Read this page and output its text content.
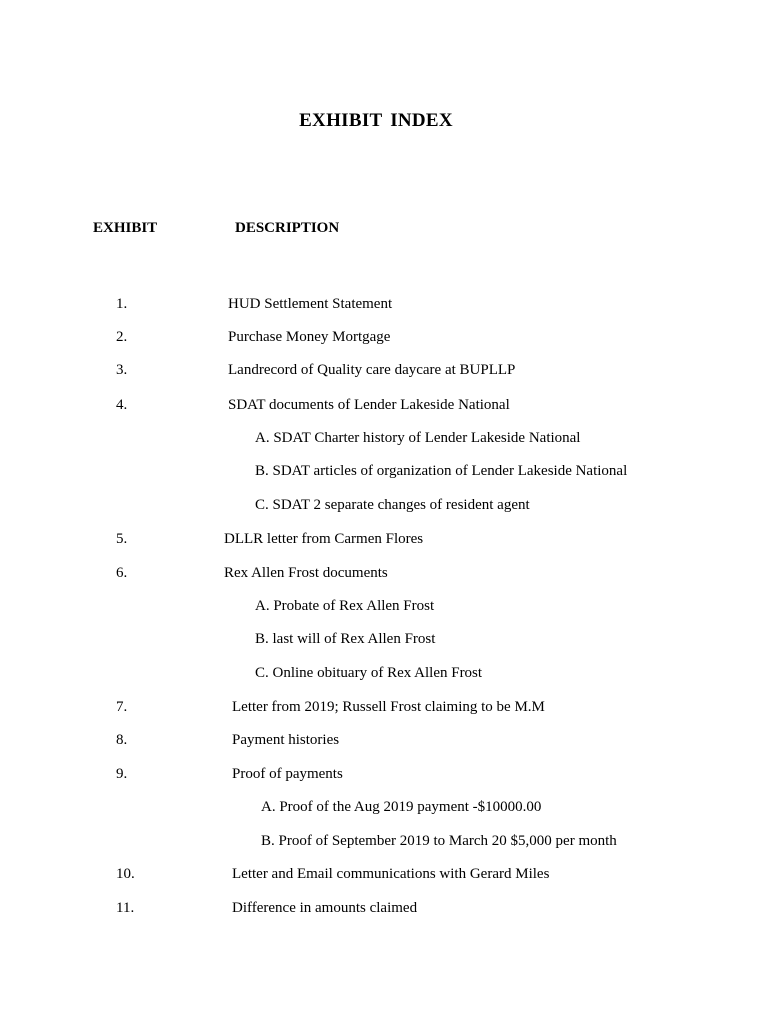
EXHIBIT INDEX
EXHIBIT	DESCRIPTION
1.	HUD Settlement Statement
2.	Purchase Money Mortgage
3.	Landrecord of Quality care daycare at BUPLLP
4.	SDAT documents of Lender Lakeside National
A. SDAT Charter history of Lender Lakeside National
B. SDAT articles of organization of Lender Lakeside National
C. SDAT 2 separate changes of resident agent
5.	DLLR letter from Carmen Flores
6.	Rex Allen Frost documents
A. Probate of Rex Allen Frost
B. last will of Rex Allen Frost
C. Online obituary of Rex Allen Frost
7.	Letter from 2019; Russell Frost claiming to be M.M
8.	Payment histories
9.	Proof of payments
A. Proof of the Aug 2019 payment -$10000.00
B. Proof of September 2019 to March 20 $5,000 per month
10.	Letter and Email communications with Gerard Miles
11.	Difference in amounts claimed
